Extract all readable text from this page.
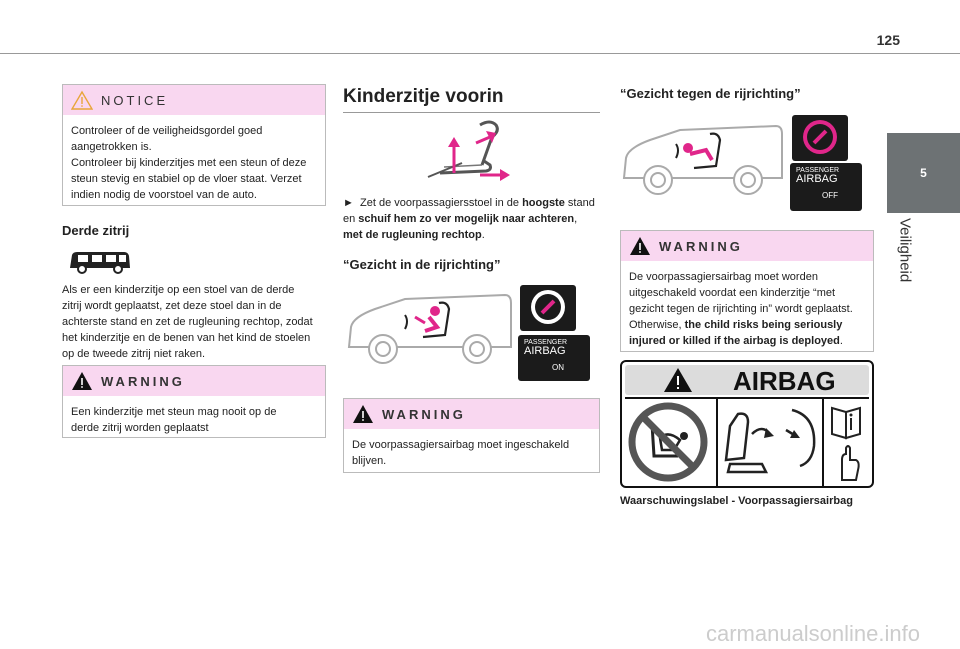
125
5
Veiligheid
NOTICE
Controleer of de veiligheidsgordel goed
aangetrokken is.
Controleer bij kinderzitjes met een steun of deze
steun stevig en stabiel op de vloer staat. Verzet
indien nodig de voorstoel van de auto.
Derde zitrij
Als er een kinderzitje op een stoel van de derde
zitrij wordt geplaatst, zet deze stoel dan in de
achterste stand en zet de rugleuning rechtop, zodat
het kinderzitje en de benen van het kind de stoelen
op de tweede zitrij niet raken.
WARNING
Een kinderzitje met steun mag nooit op de
derde zitrij worden geplaatst
Kinderzitje voorin
► Zet de voorpassagiersstoel in de hoogste stand
en schuif hem zo ver mogelijk naar achteren,
met de rugleuning rechtop.
“Gezicht in de rijrichting”
PASSENGER
AIRBAG
ON
WARNING
De voorpassagiersairbag moet ingeschakeld
blijven.
“Gezicht tegen de rijrichting”
PASSENGER
AIRBAG
OFF
WARNING
De voorpassagiersairbag moet worden
uitgeschakeld voordat een kinderzitje “met
gezicht tegen de rijrichting in” wordt geplaatst.
Otherwise, the child risks being seriously
injured or killed if the airbag is deployed.
AIRBAG
Waarschuwingslabel - Voorpassagiersairbag
carmanualsonline.info
